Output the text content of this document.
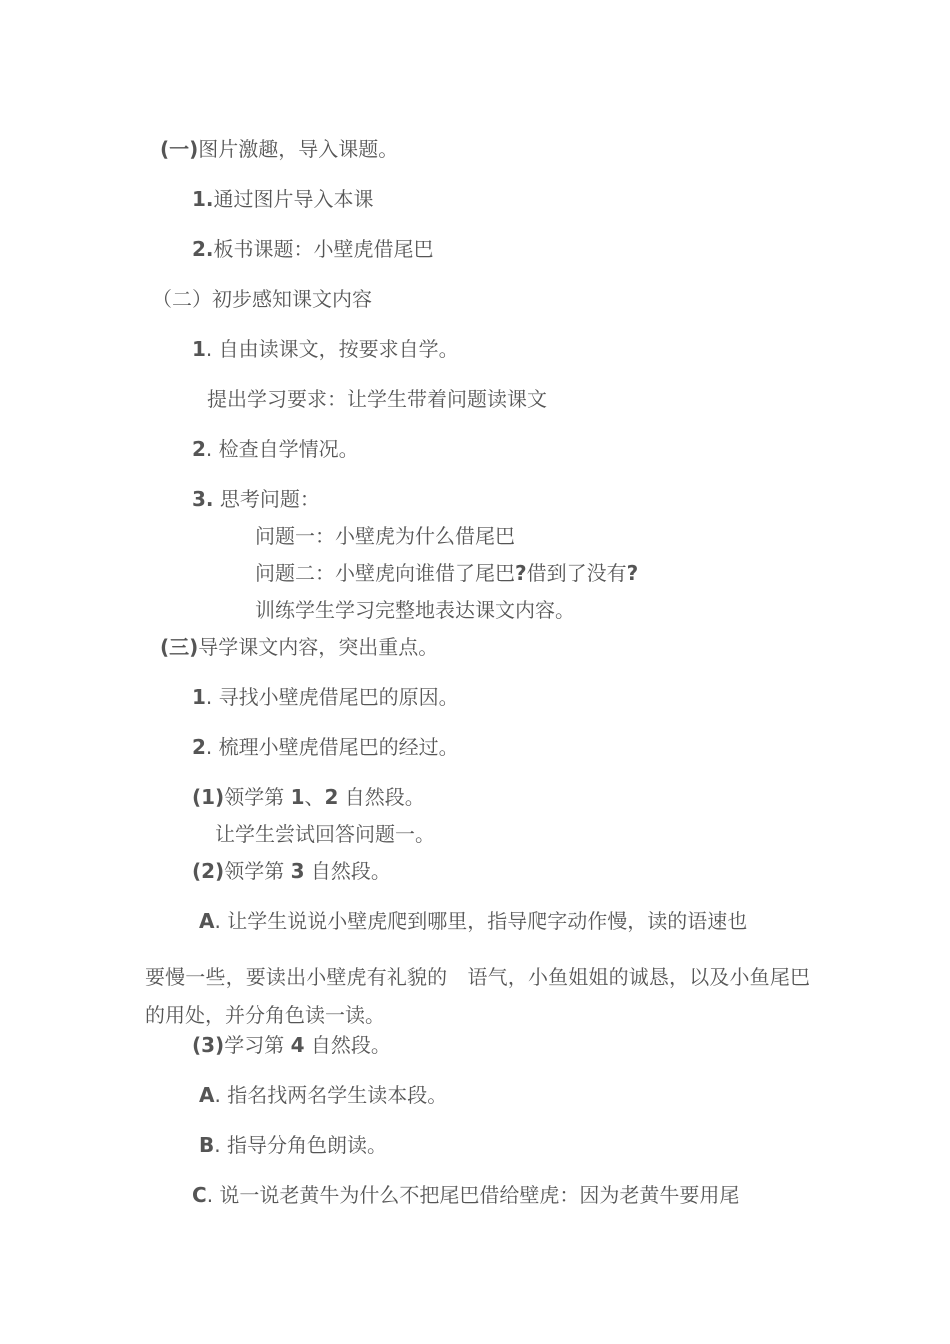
(一)图片激趣，导入课题。
1.通过图片导入本课
2.板书课题：小壁虎借尾巴
（二）初步感知课文内容
1. 自由读课文，按要求自学。
提出学习要求：让学生带着问题读课文
2. 检查自学情况。
3. 思考问题：
问题一：小壁虎为什么借尾巴
问题二：小壁虎向谁借了尾巴?借到了没有?
训练学生学习完整地表达课文内容。
(三)导学课文内容，突出重点。
1. 寻找小壁虎借尾巴的原因。
2. 梳理小壁虎借尾巴的经过。
(1)领学第 1、2 自然段。
让学生尝试回答问题一。
(2)领学第 3 自然段。
A. 让学生说说小壁虎爬到哪里，指导爬字动作慢，读的语速也
要慢一些，要读出小壁虎有礼貌的　语气，小鱼姐姐的诚恳，以及小鱼尾巴的用处，并分角色读一读。
(3)学习第 4 自然段。
A. 指名找两名学生读本段。
B. 指导分角色朗读。
C. 说一说老黄牛为什么不把尾巴借给壁虎：因为老黄牛要用尾
